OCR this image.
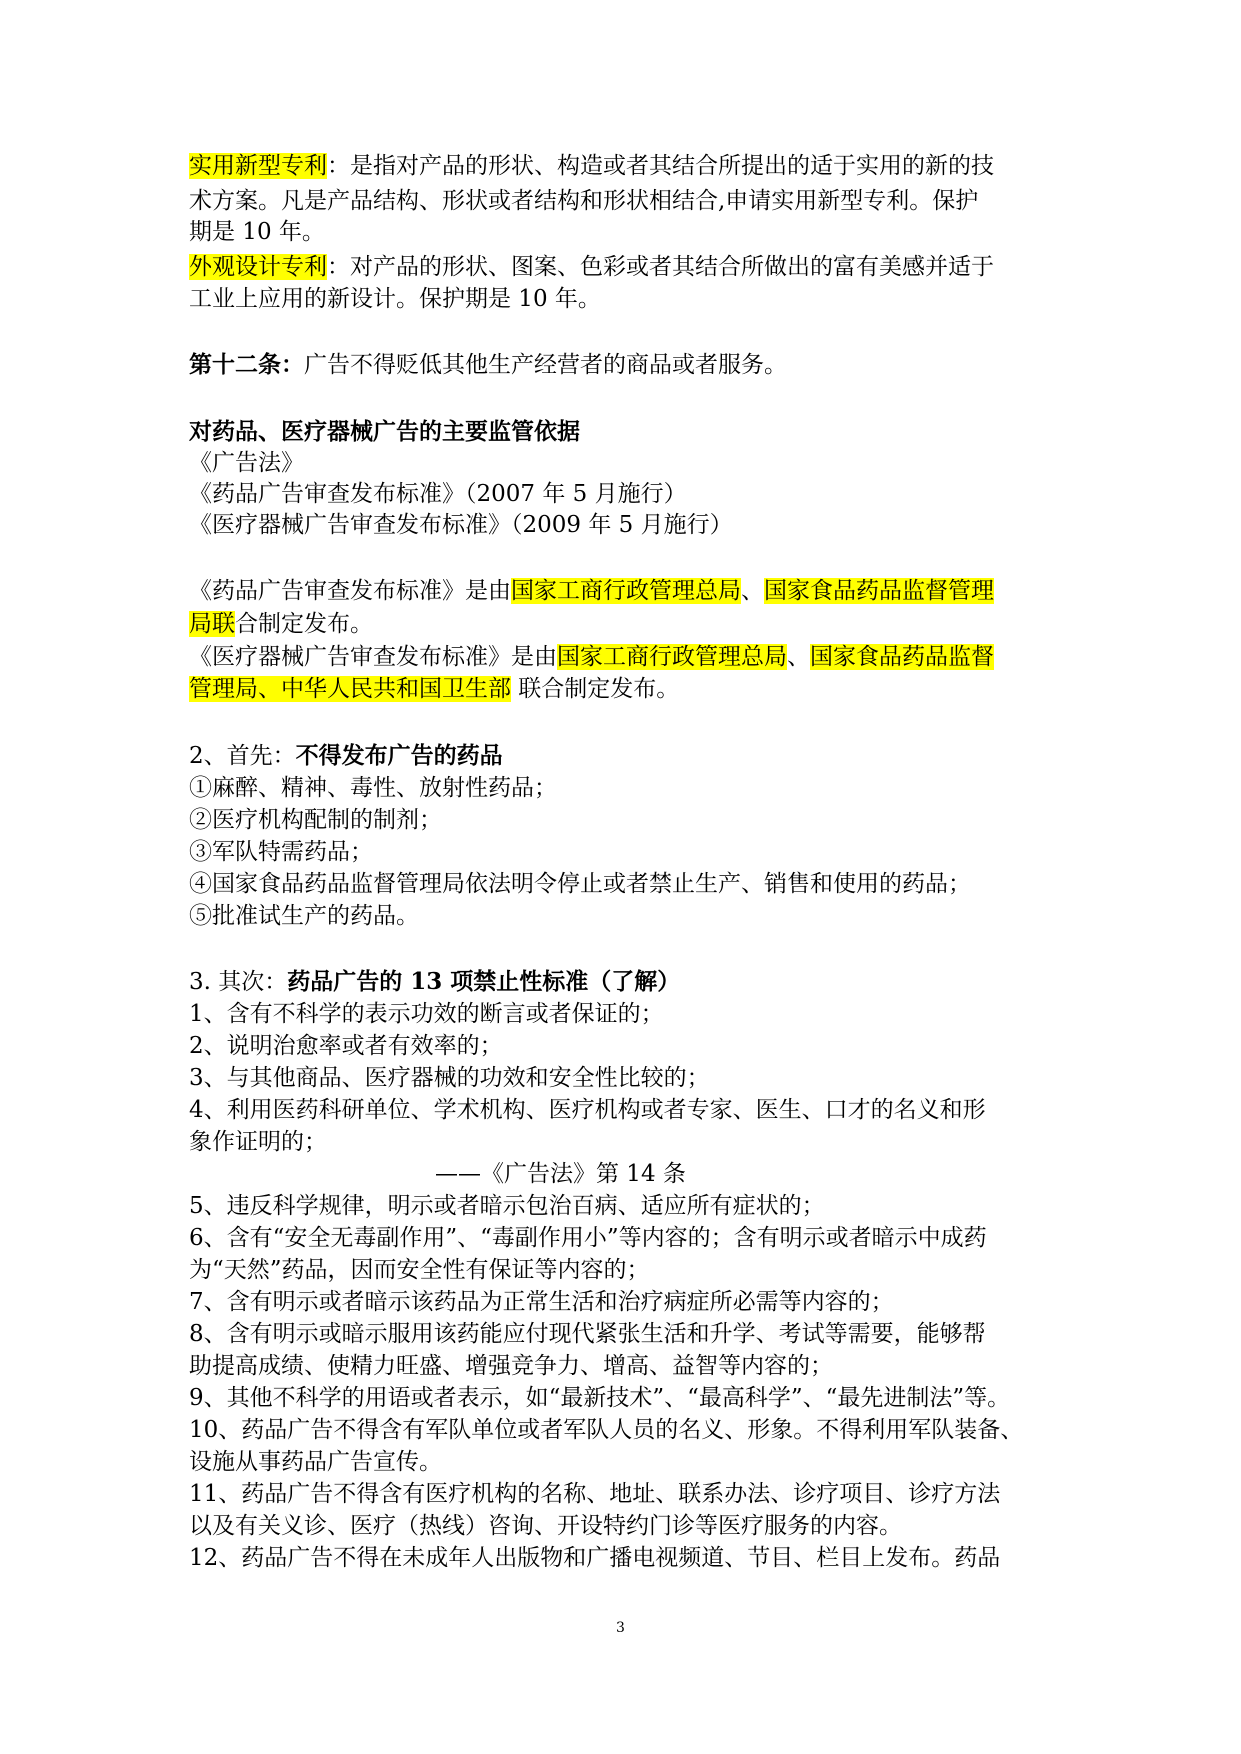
实用新型专利：是指对产品的形状、构造或者其结合所提出的适于实用的新的技

术方案。凡是产品结构、形状或者结构和形状相结合,申请实用新型专利。保护

期是 10 年。

外观设计专利：对产品的形状、图案、色彩或者其结合所做出的富有美感并适于

工业上应用的新设计。保护期是 10 年。

第十二条：广告不得贬低其他生产经营者的商品或者服务。

对药品、医疗器械广告的主要监管依据

《广告法》

《药品广告审查发布标准》（2007 年 5 月施行）

《医疗器械广告审查发布标准》（2009 年 5 月施行）

《药品广告审查发布标准》是由国家工商行政管理总局、国家食品药品监督管理

局联合制定发布。

《医疗器械广告审查发布标准》是由国家工商行政管理总局、国家食品药品监督

管理局、中华人民共和国卫生部 联合制定发布。

2、首先：不得发布广告的药品

①麻醉、精神、毒性、放射性药品；

②医疗机构配制的制剂；

③军队特需药品；

④国家食品药品监督管理局依法明令停止或者禁止生产、销售和使用的药品；

⑤批准试生产的药品。

3. 其次：药品广告的 13 项禁止性标准（了解）

1、含有不科学的表示功效的断言或者保证的；

2、说明治愈率或者有效率的；

3、与其他商品、医疗器械的功效和安全性比较的；

4、利用医药科研单位、学术机构、医疗机构或者专家、医生、口才的名义和形

象作证明的；

——《广告法》第 14 条

5、违反科学规律，明示或者暗示包治百病、适应所有症状的；

6、含有“安全无毒副作用”、“毒副作用小”等内容的；含有明示或者暗示中成药

为“天然”药品，因而安全性有保证等内容的；

7、含有明示或者暗示该药品为正常生活和治疗病症所必需等内容的；

8、含有明示或暗示服用该药能应付现代紧张生活和升学、考试等需要，能够帮

助提高成绩、使精力旺盛、增强竞争力、增高、益智等内容的；

9、其他不科学的用语或者表示，如“最新技术”、“最高科学”、“最先进制法”等。

10、药品广告不得含有军队单位或者军队人员的名义、形象。不得利用军队装备、

设施从事药品广告宣传。

11、药品广告不得含有医疗机构的名称、地址、联系办法、诊疗项目、诊疗方法

以及有关义诊、医疗（热线）咨询、开设特约门诊等医疗服务的内容。

12、药品广告不得在未成年人出版物和广播电视频道、节目、栏目上发布。药品

3
